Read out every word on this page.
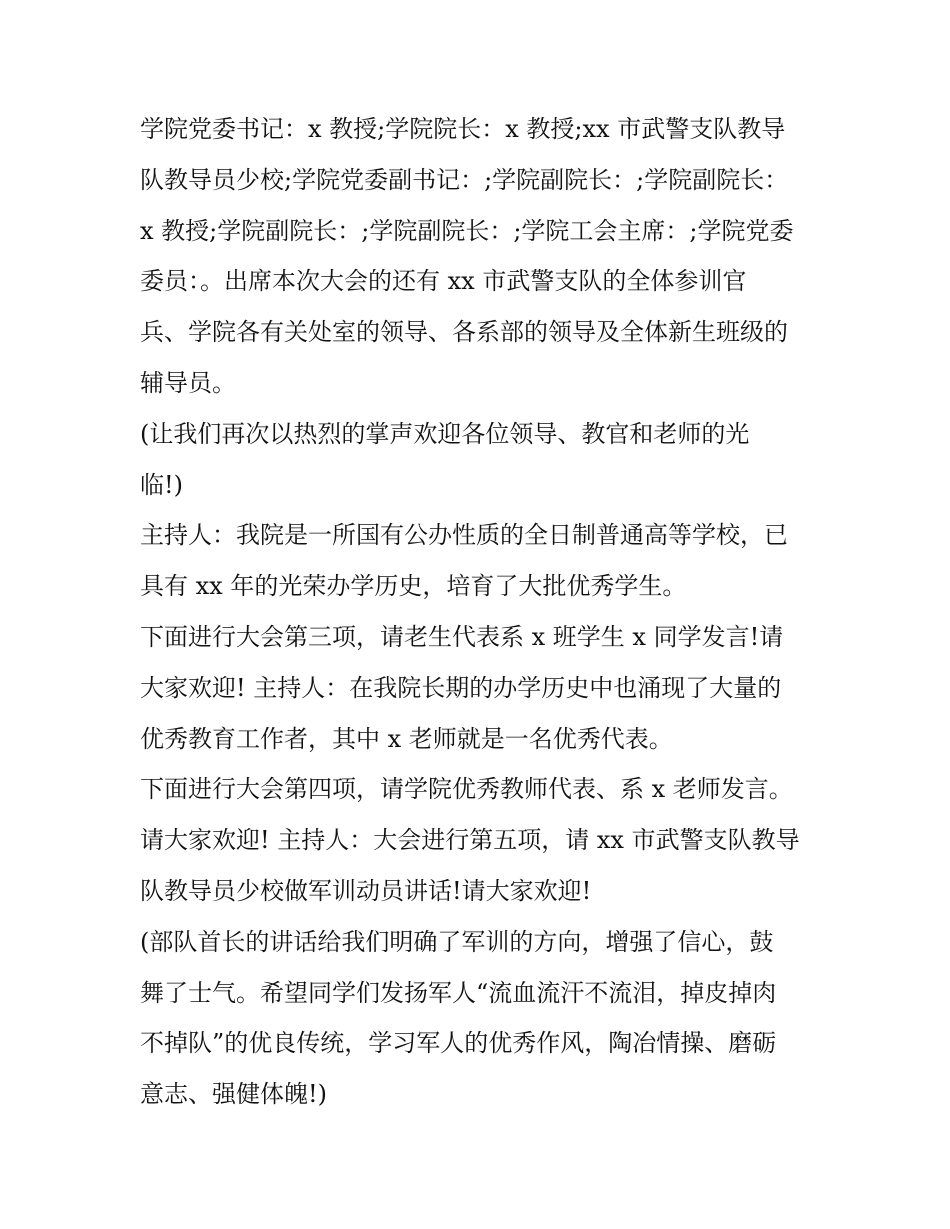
学院党委书记：x 教授;学院院长：x 教授;xx 市武警支队教导
队教导员少校;学院党委副书记：;学院副院长：;学院副院长：
x 教授;学院副院长：;学院副院长：;学院工会主席：;学院党委
委员：。出席本次大会的还有 xx 市武警支队的全体参训官
兵、学院各有关处室的领导、各系部的领导及全体新生班级的
辅导员。
(让我们再次以热烈的掌声欢迎各位领导、教官和老师的光
临!)
主持人：我院是一所国有公办性质的全日制普通高等学校，已
具有 xx 年的光荣办学历史，培育了大批优秀学生。
下面进行大会第三项，请老生代表系 x 班学生 x 同学发言!请
大家欢迎! 主持人：在我院长期的办学历史中也涌现了大量的
优秀教育工作者，其中 x 老师就是一名优秀代表。
下面进行大会第四项，请学院优秀教师代表、系 x 老师发言。
请大家欢迎! 主持人：大会进行第五项，请 xx 市武警支队教导
队教导员少校做军训动员讲话!请大家欢迎!
(部队首长的讲话给我们明确了军训的方向，增强了信心，鼓
舞了士气。希望同学们发扬军人“流血流汗不流泪，掉皮掉肉
不掉队”的优良传统，学习军人的优秀作风，陶冶情操、磨砺
意志、强健体魄!)
